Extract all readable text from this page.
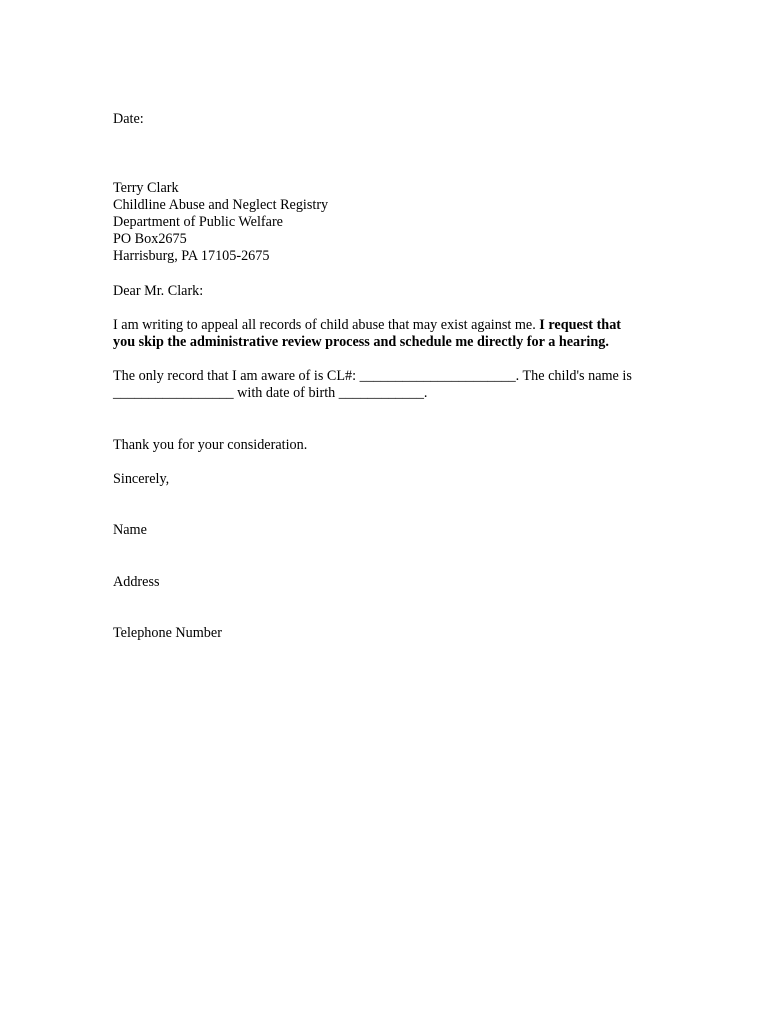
Date:

Terry Clark
Childline Abuse and Neglect Registry
Department of Public Welfare
PO Box2675
Harrisburg, PA 17105-2675

Dear Mr. Clark:

I am writing to appeal all records of child abuse that may exist against me. I request that
you skip the administrative review process and schedule me directly for a hearing.
The only record that I am aware of is CL#: ______________________. The child's name is
_________________ with date of birth ____________.

Thank you for your consideration.

Sincerely,

Name

Address

Telephone Number
